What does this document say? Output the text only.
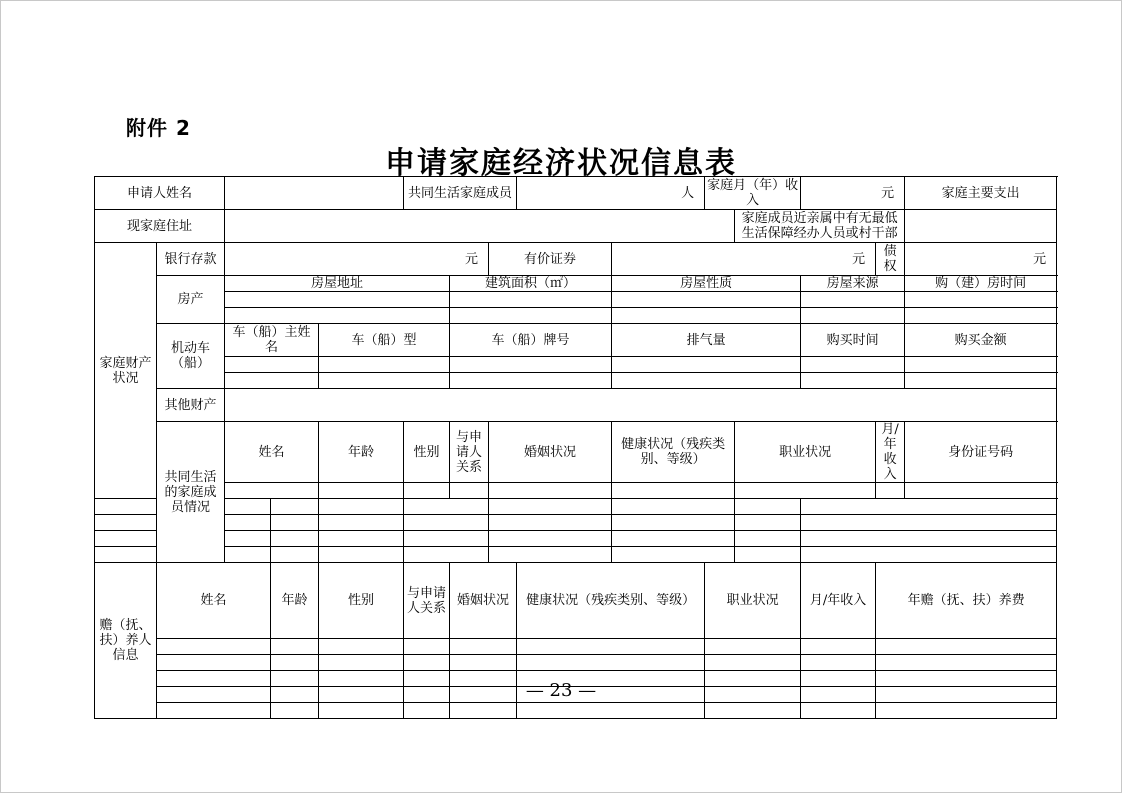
附件 2
申请家庭经济状况信息表
申请人姓名					共同生活家庭成员			人		家庭月（年）收入		元		家庭主要支出	
现家庭住址											家庭成员近亲属中有无最低生活保障经办人员或村干部				
家庭财产状况	银行存款	元					有价证券		元				债权	元	
	房产	房屋地址				建筑面积（㎡）			房屋性质			房屋来源		购（建）房时间	

	机动车（船）	车（船）主姓名		车（船）型		车（船）牌号			排气量			购买时间		购买金额	

	其他财产														
	共同生活的家庭成员情况	姓名		年龄	性别	与申请人关系	婚姻状况		健康状况（残疾类别、等级）		职业状况		月/年收入	身份证号码	

赡（抚、扶）养人信息	姓名		年龄	性别	与申请人关系	婚姻状况		健康状况（残疾类别、等级）		职业状况		月/年收入	年赡（抚、扶）养费	

— 23 —
